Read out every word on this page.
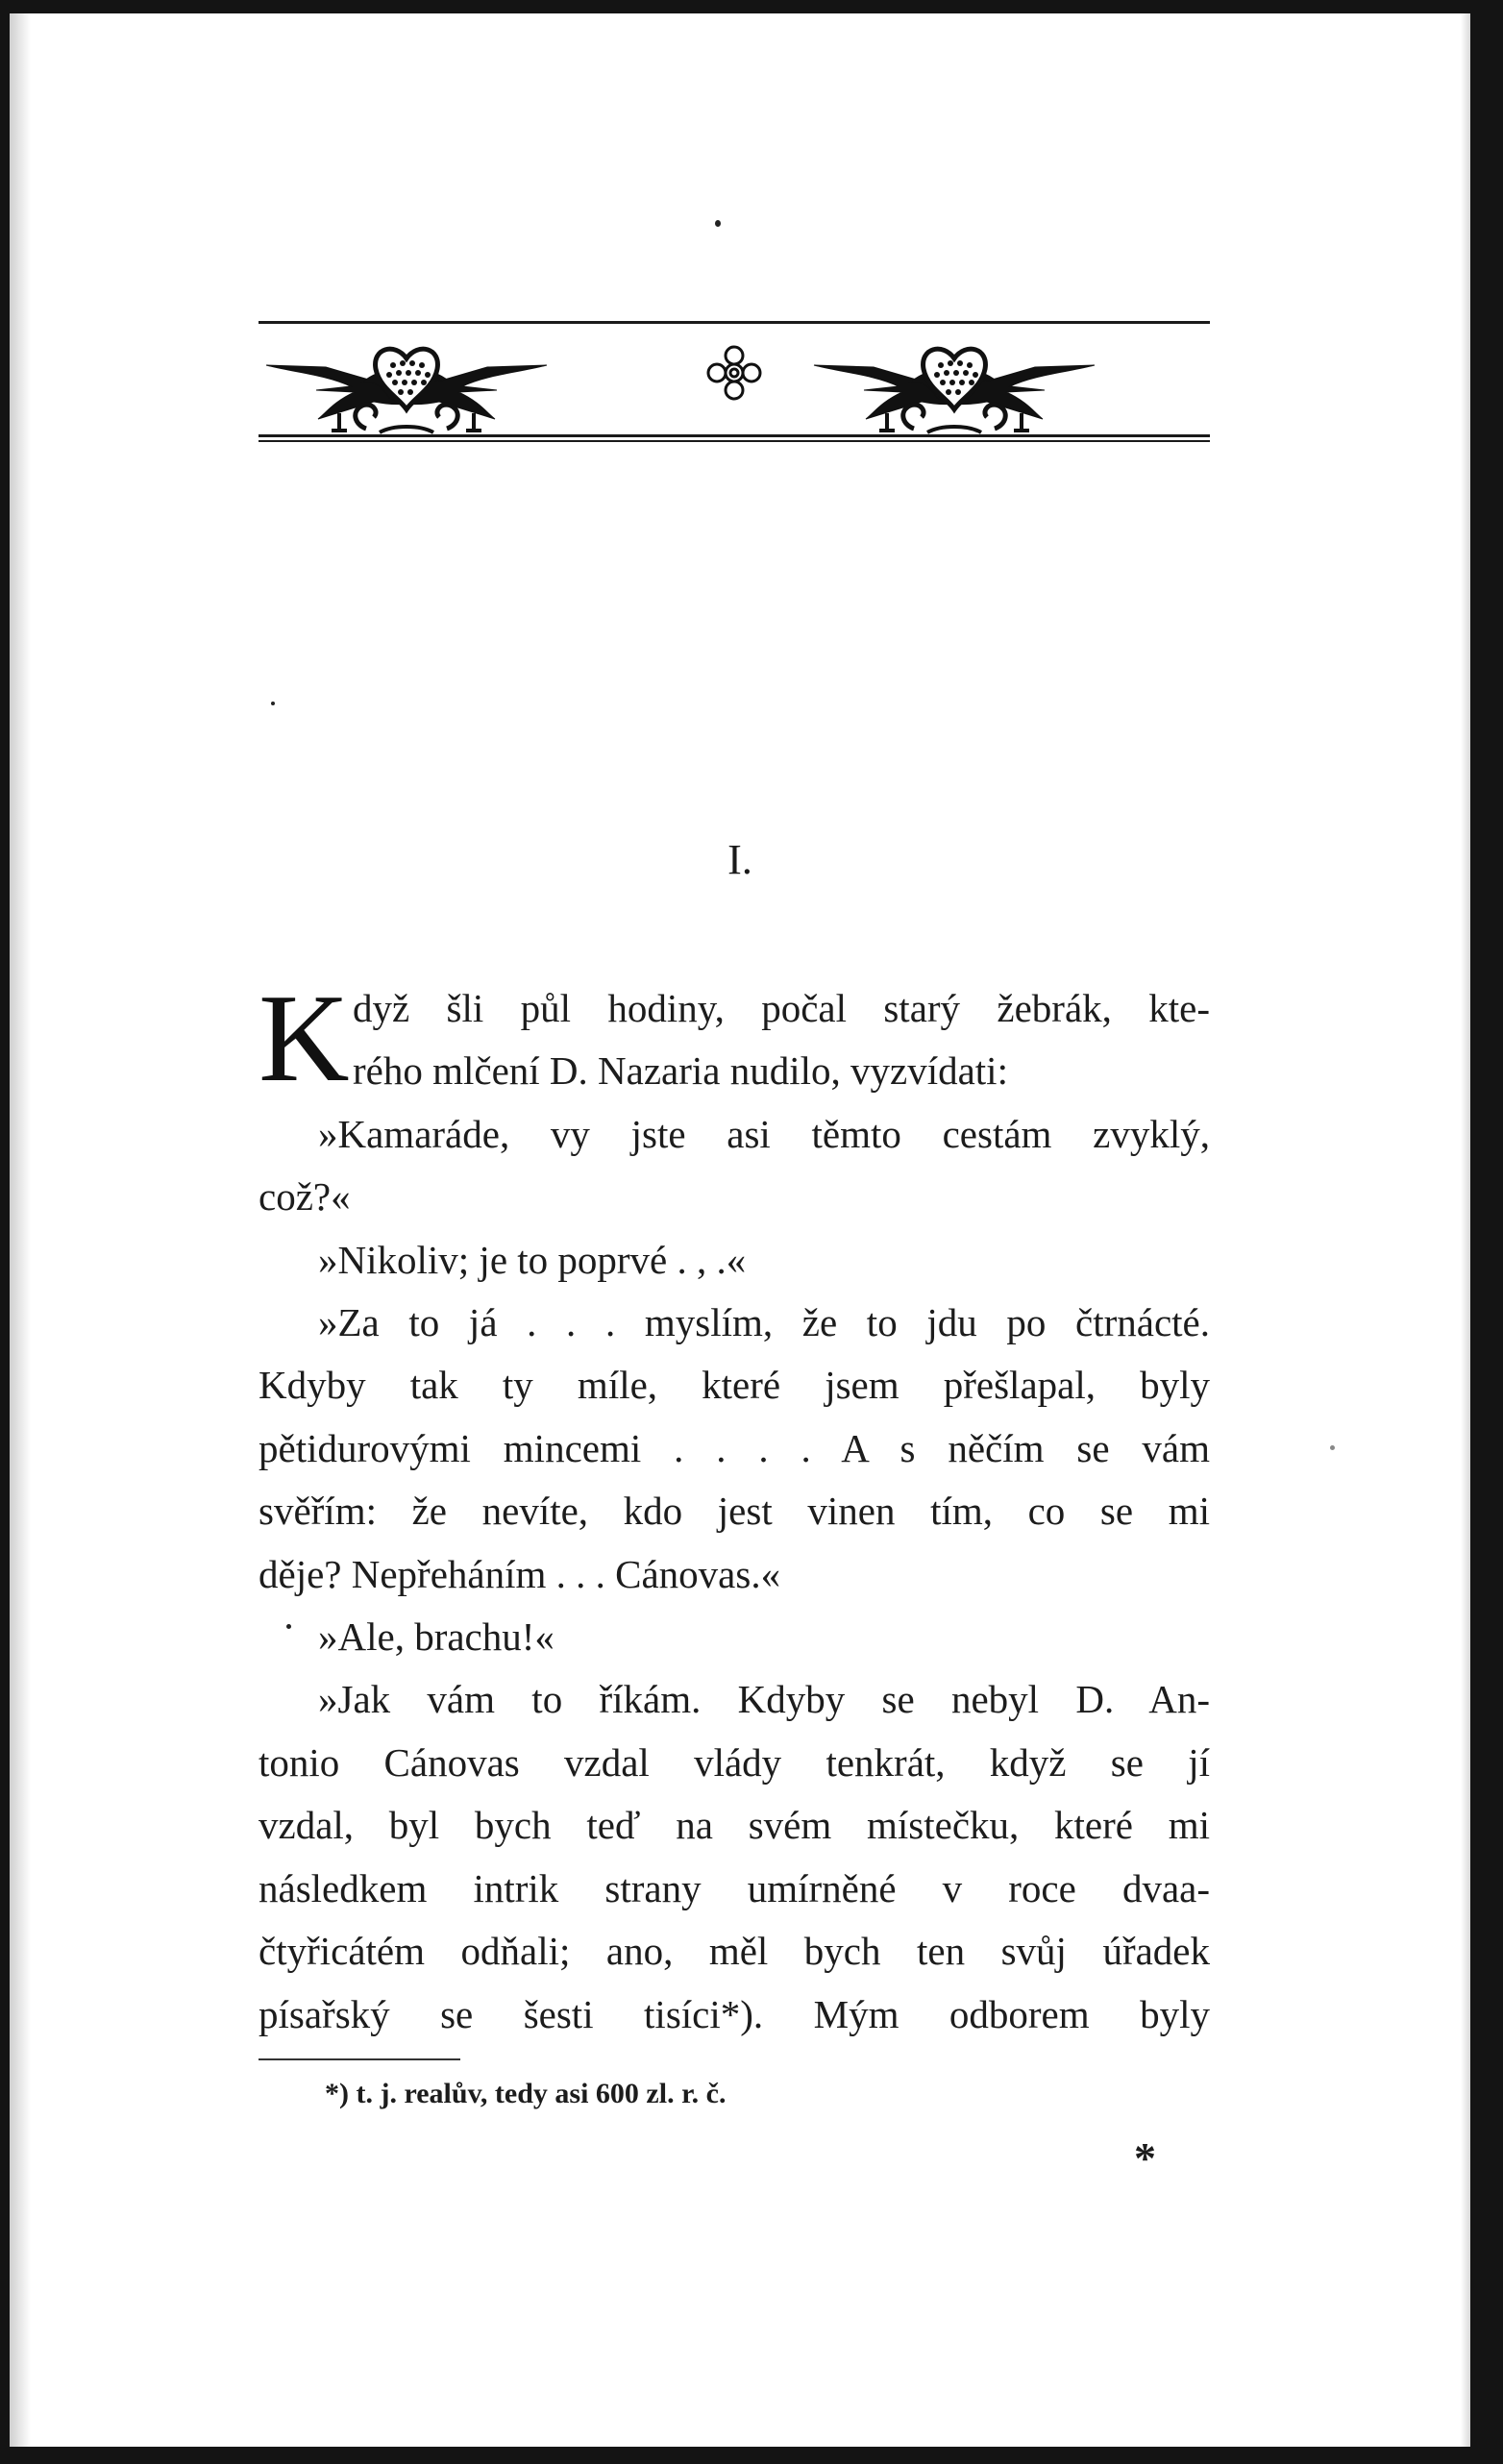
I.
K dyž šli půl hodiny, počal starý žebrák, kte-
rého mlčení D. Nazaria nudilo, vyzvídati:
»Kamaráde, vy jste asi těmto cestám zvyklý,
což?«
»Nikoliv; je to poprvé . , .«
»Za to já . . . myslím, že to jdu po čtrnácté.
Kdyby tak ty míle, které jsem přešlapal, byly
pětidurovými mincemi . . . . A s něčím se vám
svěřím: že nevíte, kdo jest vinen tím, co se mi
děje? Nepřeháním . . . Cánovas.«
»Ale, brachu!«
»Jak vám to říkám. Kdyby se nebyl D. An-
tonio Cánovas vzdal vlády tenkrát, když se jí
vzdal, byl bych teď na svém místečku, které mi
následkem intrik strany umírněné v roce dvaa-
čtyřicátém odňali; ano, měl bych ten svůj úřadek
písařský se šesti tisíci*). Mým odborem byly
*) t. j. realův, tedy asi 600 zl. r. č.
*
